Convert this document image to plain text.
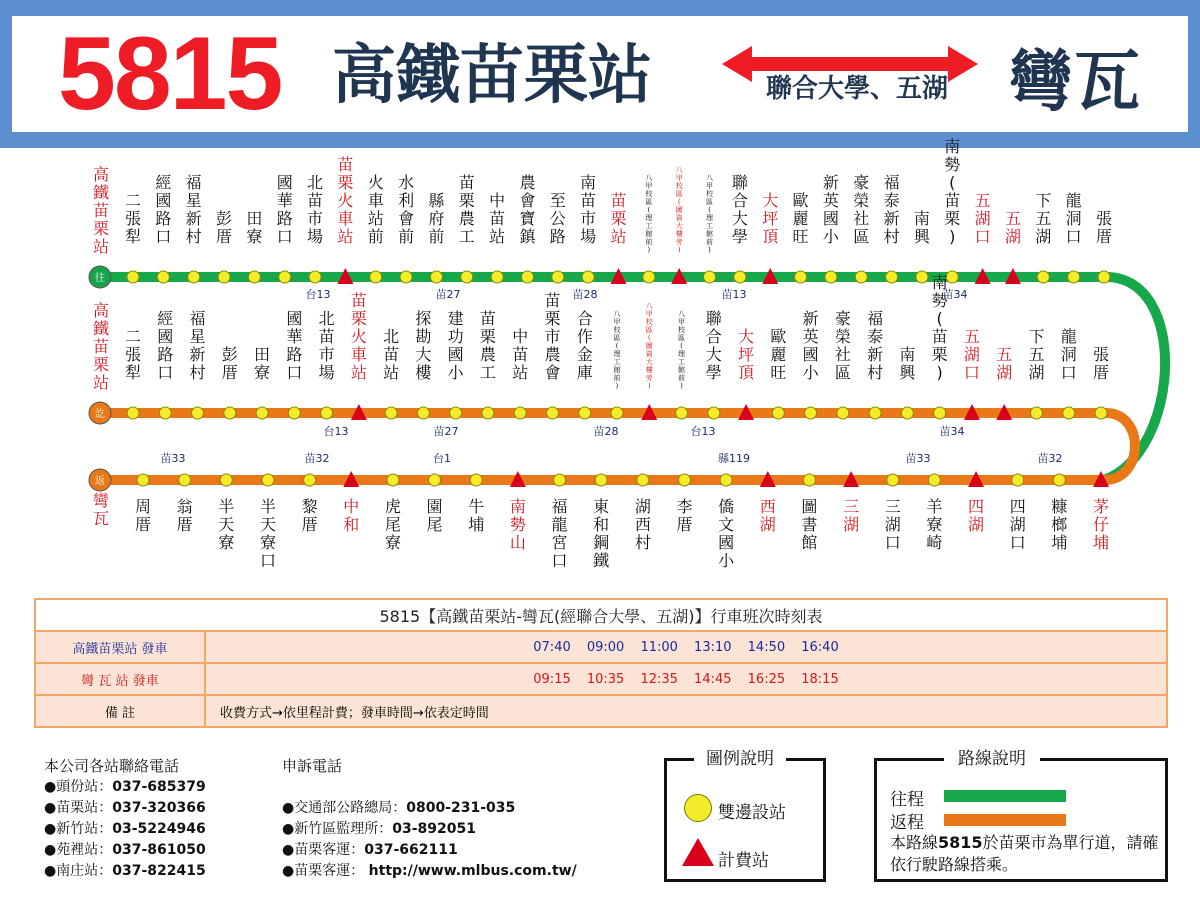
5815 高鐵苗栗站	聯合大學、五湖 彎瓦
往
訖
返
高鐵苗栗站
高鐵苗栗站
彎瓦
二張犁
經國路口
福星新村
彭厝
田寮
國華路口
北苗市場
苗栗火車站
火車站前
水利會前
縣府前
苗栗農工
中苗站
農會寶鎮
至公路
南苗市場
苗栗站
八甲校區(理工館前)
八甲校區(圖資大樓旁)
八甲校區(理工館前)
聯合大學
大坪頂
歐麗旺
新英國小
豪榮社區
福泰新村
南興
南勢(苗栗)
五湖口
五湖
下五湖
龍洞口
張厝
二張犁
經國路口
福星新村
彭厝
田寮
國華路口
北苗市場
苗栗火車站
北苗站
探勘大樓
建功國小
苗栗農工
中苗站
苗栗市農會
合作金庫
八甲校區(理工館前)
八甲校區(圖資大樓旁)
八甲校區(理工館前)
聯合大學
大坪頂
歐麗旺
新英國小
豪榮社區
福泰新村
南興
南勢(苗栗)
五湖口
五湖
下五湖
龍洞口
張厝
周厝
翁厝
半天寮
半天寮口
黎厝
中和
虎尾寮
園尾
牛埔
南勢山
福龍宮口
東和鋼鐵
湖西村
李厝
僑文國小
西湖
圖書館
三湖
三湖口
羊寮崎
四湖
四湖口
糠榔埔
茅仔埔
台13	苗27	苗28	苗13	苗34
台13	苗27	苗28	台13	苗34
苗33	苗32	台1	縣119	苗33	苗32
5815【高鐵苗栗站-彎瓦(經聯合大學、五湖)】行車班次時刻表	
高鐵苗栗站 發車	07:40 09:00 11:00 13:10 14:50 16:40
彎 瓦 站 發車	09:15 10:35 12:35 14:45 16:25 18:15
備 註	收費方式→依里程計費；發車時間→依表定時間
本公司各站聯絡電話
●頭份站：037-685379
●苗栗站：037-320366
●新竹站：03-5224946
●苑裡站：037-861050
●南庄站：037-822415
申訴電話
●交通部公路總局：0800-231-035
●新竹區監理所：03-892051
●苗栗客運：037-662111
●苗栗客運： http://www.mlbus.com.tw/
圖例說明
雙邊設站
計費站
路線說明
往程
返程
本路線5815於苗栗市為單行道，請確依行駛路線搭乘。
